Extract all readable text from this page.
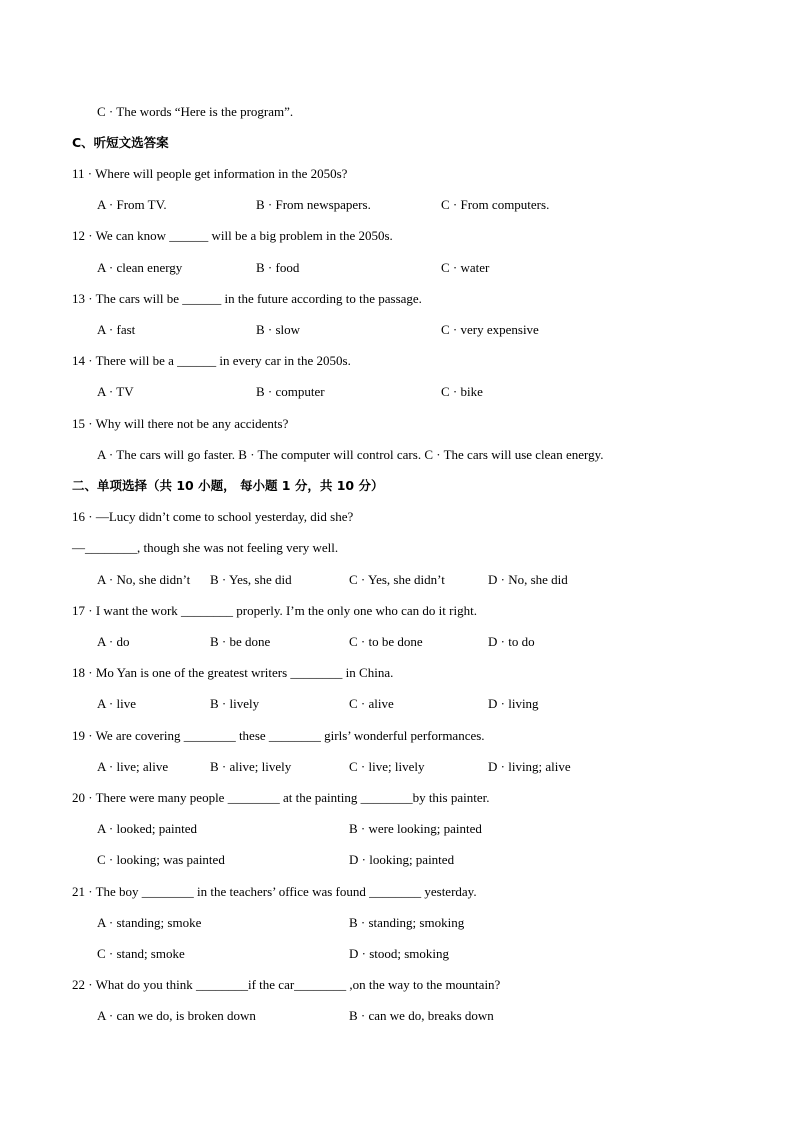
C · The words “Here is the program”.
C、听短文选答案
11 · Where will people get information in the 2050s?
A · From TV.	B · From newspapers.	C · From computers.
12 · We can know ______ will be a big problem in the 2050s.
A · clean energy	B · food	C · water
13 · The cars will be ______ in the future according to the passage.
A · fast	B · slow	C · very expensive
14 · There will be a ______ in every car in the 2050s.
A · TV	B · computer	C · bike
15 · Why will there not be any accidents?
A · The cars will go faster. B · The computer will control cars. C · The cars will use clean energy.
二、单项选择（共 10 小题， 每小题 1 分，共 10 分）
16 · —Lucy didn’t come to school yesterday, did she?
—________, though she was not feeling very well.
A · No, she didn’t B · Yes, she did	C · Yes, she didn’t	D · No, she did
17 · I want the work ________ properly. I’m the only one who can do it right.
A · do	B · be done	C · to be done	D · to do
18 · Mo Yan is one of the greatest writers ________ in China.
A · live	B · lively	C · alive	D · living
19 · We are covering ________ these ________ girls’ wonderful performances.
A · live; alive	B · alive; lively	C · live; lively	D · living; alive
20 · There were many people ________ at the painting ________by this painter.
A · looked; painted	B · were looking; painted
C · looking; was painted	D · looking; painted
21 · The boy ________ in the teachers’ office was found ________ yesterday.
A · standing; smoke	B · standing; smoking
C · stand; smoke	D · stood; smoking
22 · What do you think ________if the car________ ,on the way to the mountain?
A · can we do, is broken down	B · can we do, breaks down
